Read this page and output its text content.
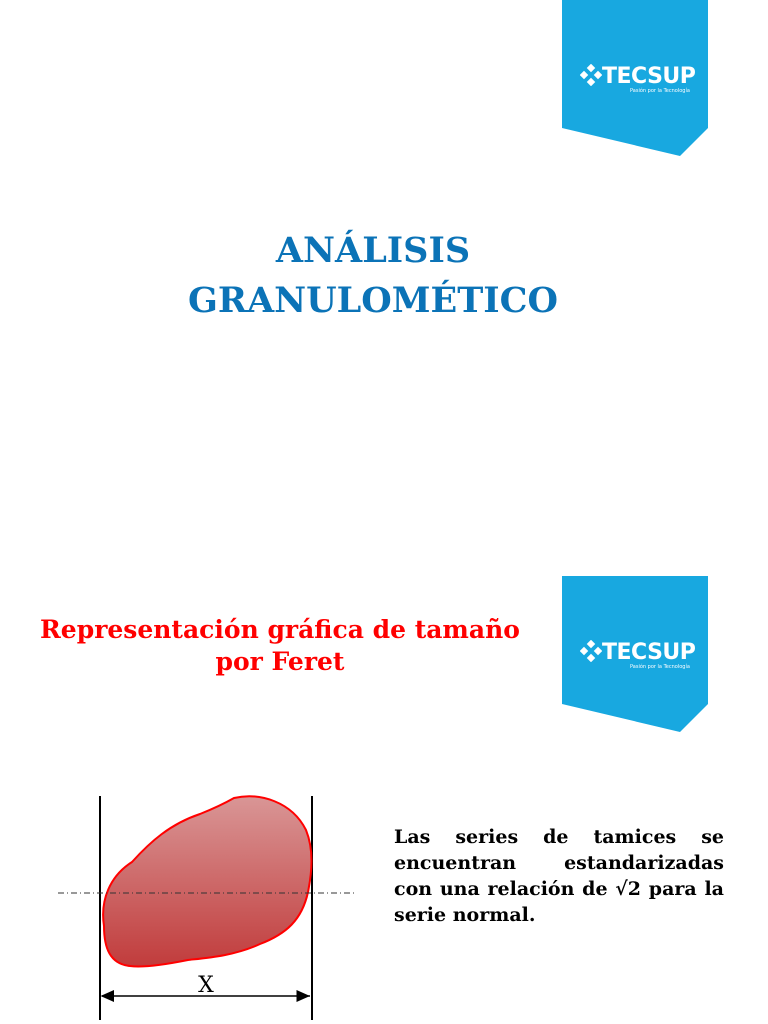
TECSUP
Pasión por la Tecnología
ANÁLISIS
GRANULOMÉTICO
TECSUP
Pasión por la Tecnología
Representación gráfica de tamaño
por Feret
X
Las series de tamices se encuentran estandarizadas con una relación de √2 para la serie normal.
